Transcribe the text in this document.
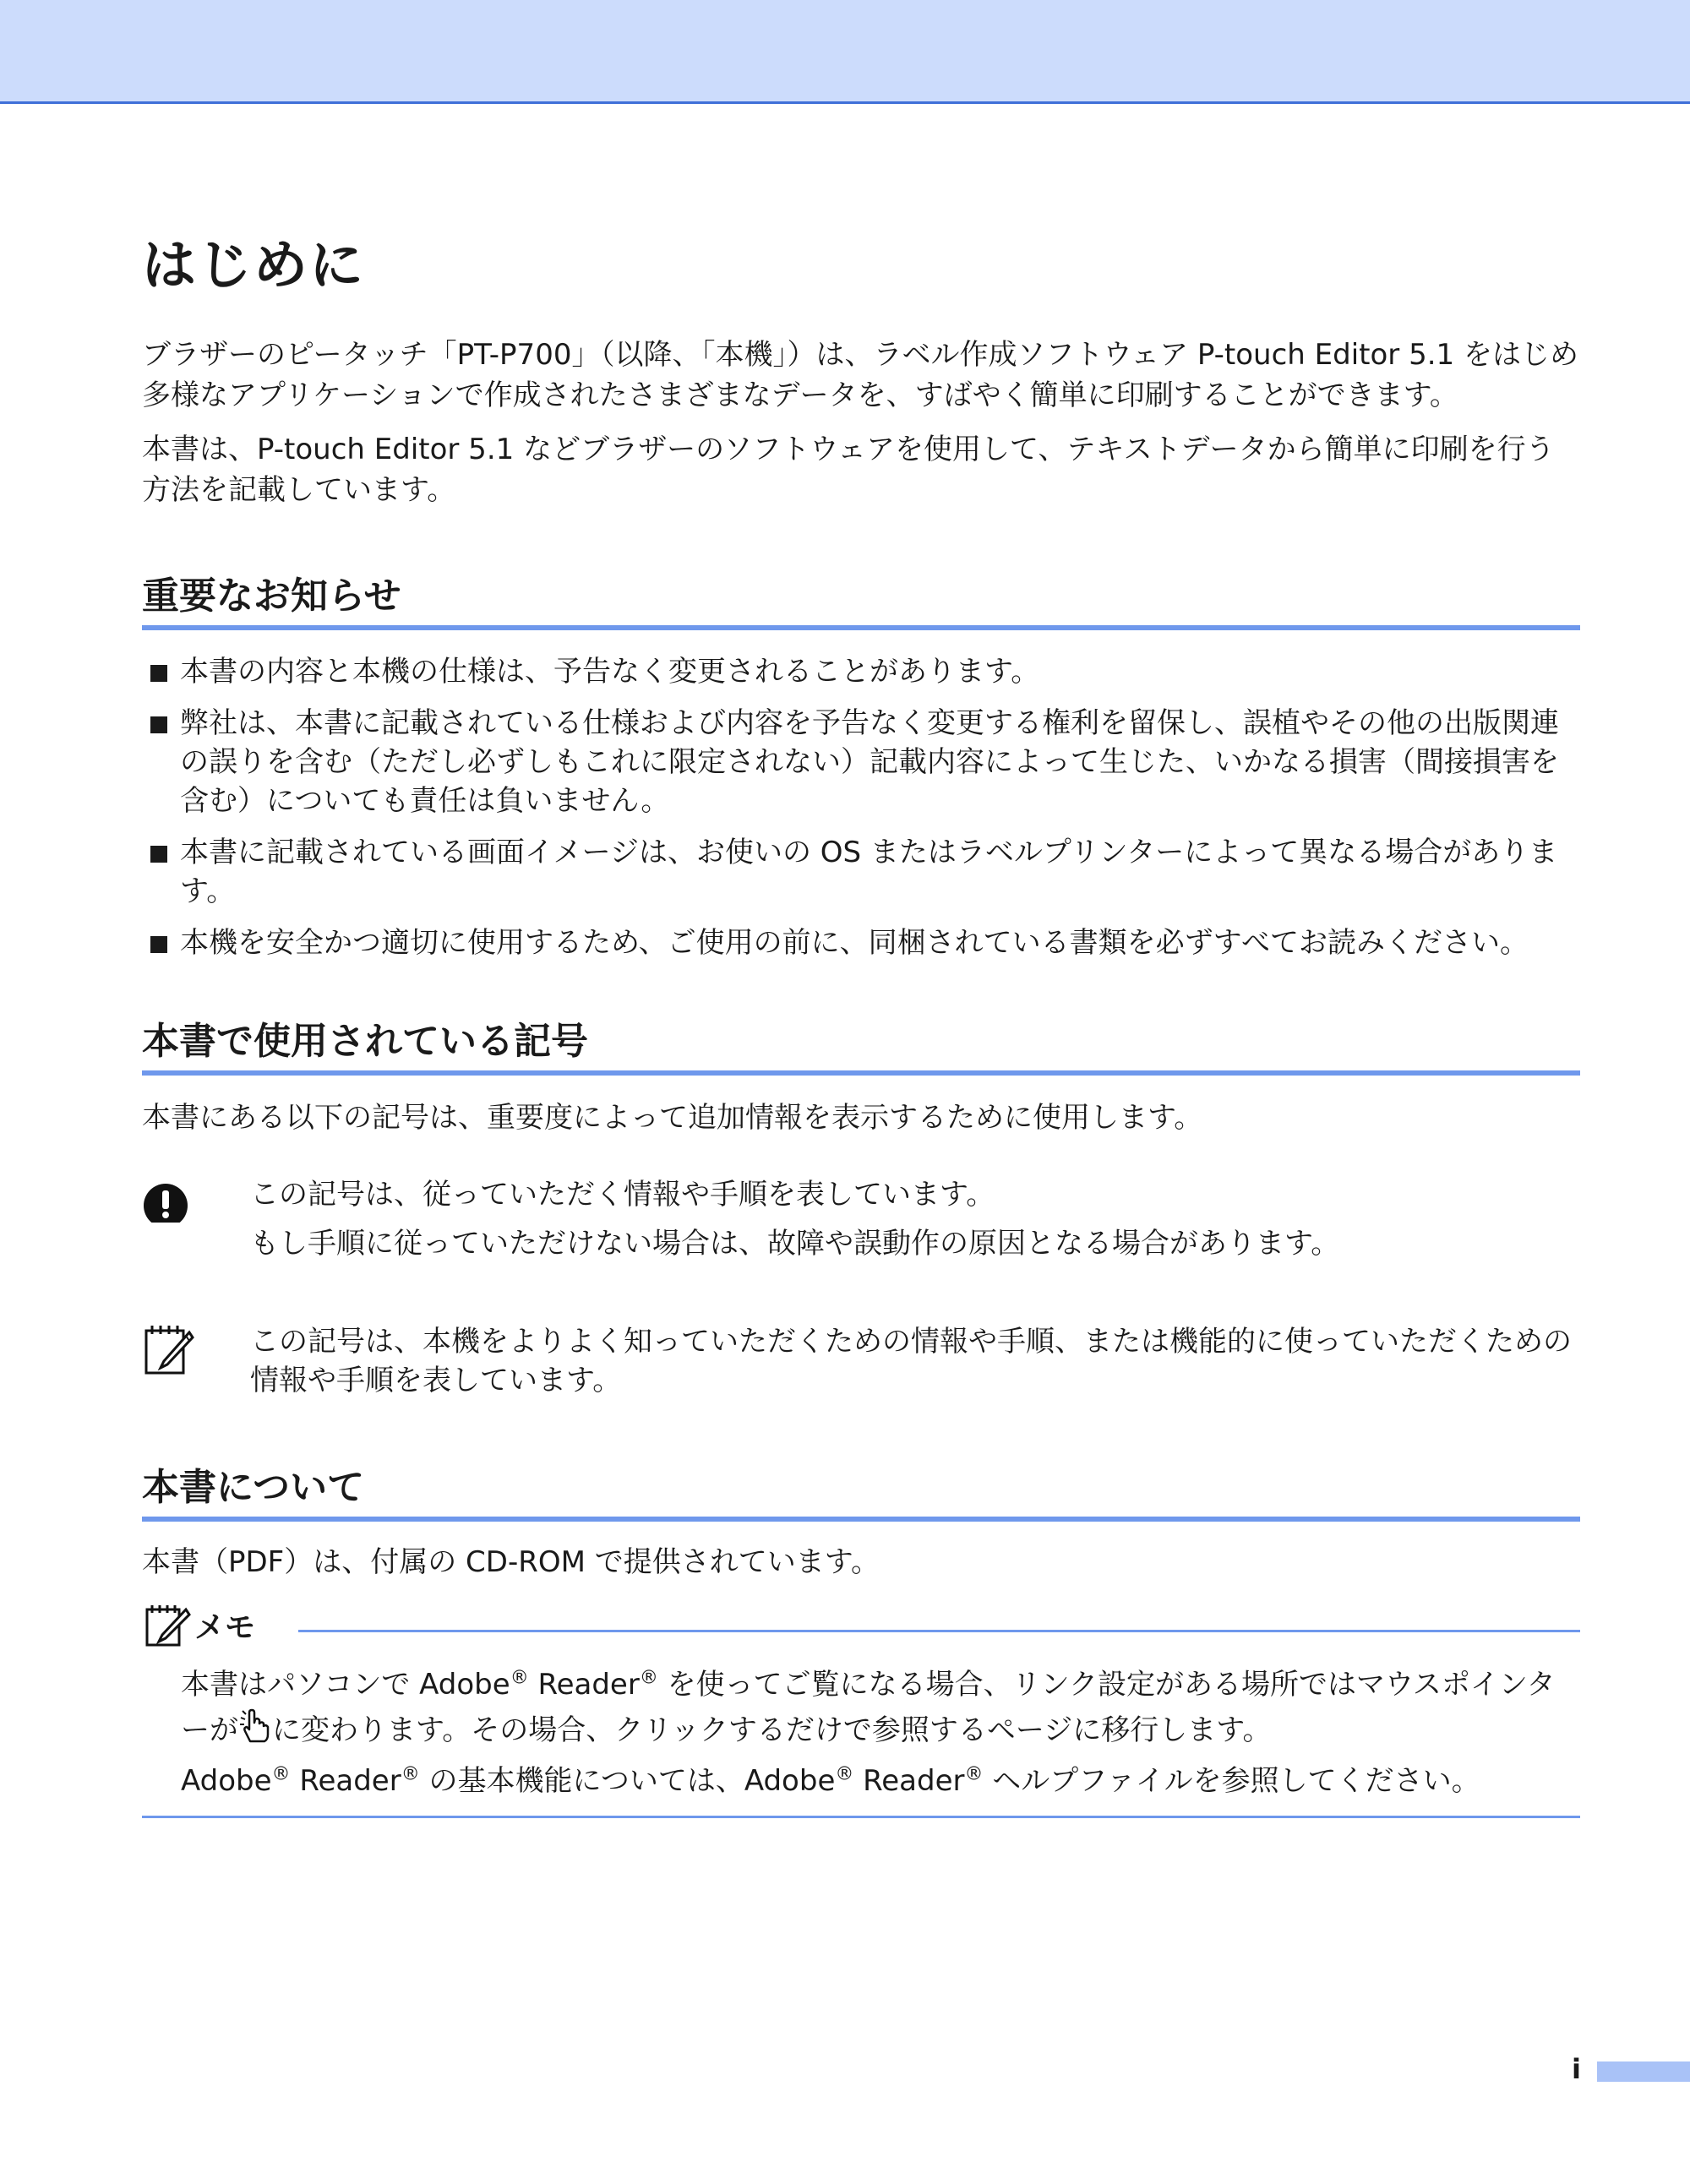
はじめに

ブラザーのピータッチ「PT-P700」（以降、「本機」）は、ラベル作成ソフトウェア P-touch Editor 5.1 をはじめ多様なアプリケーションで作成されたさまざまなデータを、すばやく簡単に印刷することができます。

本書は、P-touch Editor 5.1 などブラザーのソフトウェアを使用して、テキストデータから簡単に印刷を行う方法を記載しています。

重要なお知らせ
本書の内容と本機の仕様は、予告なく変更されることがあります。
弊社は、本書に記載されている仕様および内容を予告なく変更する権利を留保し、誤植やその他の出版関連の誤りを含む（ただし必ずしもこれに限定されない）記載内容によって生じた、いかなる損害（間接損害を含む）についても責任は負いません。
本書に記載されている画面イメージは、お使いの OS またはラベルプリンターによって異なる場合があります。
本機を安全かつ適切に使用するため、ご使用の前に、同梱されている書類を必ずすべてお読みください。
本書で使用されている記号

本書にある以下の記号は、重要度によって追加情報を表示するために使用します。

この記号は、従っていただく情報や手順を表しています。

もし手順に従っていただけない場合は、故障や誤動作の原因となる場合があります。

この記号は、本機をよりよく知っていただくための情報や手順、または機能的に使っていただくための情報や手順を表しています。

本書について

本書（PDF）は、付属の CD-ROM で提供されています。

メモ

本書はパソコンで Adobe® Reader® を使ってご覧になる場合、リンク設定がある場所ではマウスポインターが に変わります。その場合、クリックするだけで参照するページに移行します。

Adobe® Reader® の基本機能については、Adobe® Reader® ヘルプファイルを参照してください。

i
